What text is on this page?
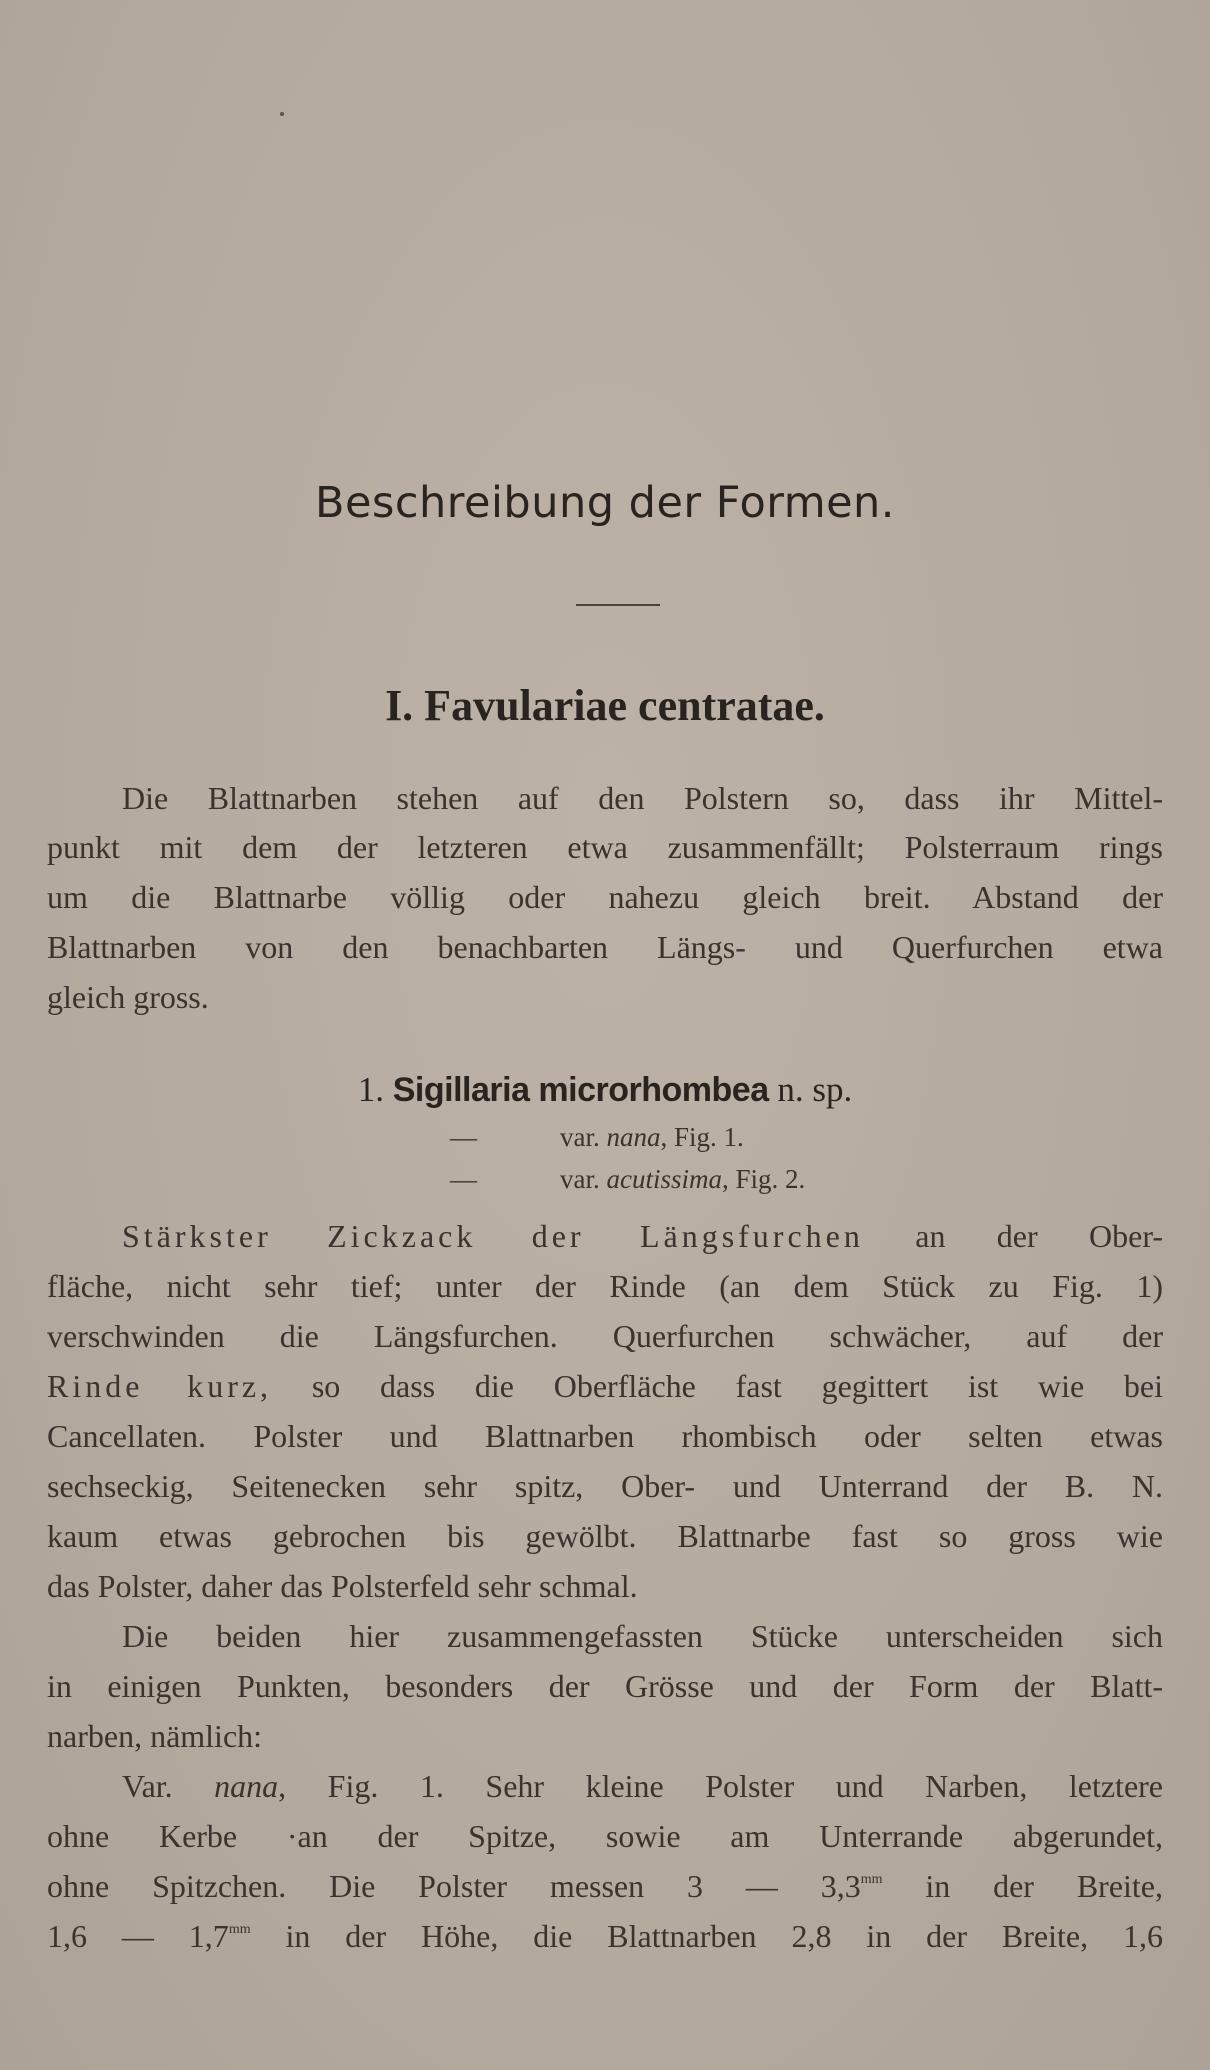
Beschreibung der Formen.
I. Favulariae centratae.
Die Blattnarben stehen auf den Polstern so, dass ihr Mittel-
punkt mit dem der letzteren etwa zusammenfällt; Polsterraum rings
um die Blattnarbe völlig oder nahezu gleich breit. Abstand der
Blattnarben von den benachbarten Längs- und Querfurchen etwa
gleich gross.
1. Sigillaria microrhombea n. sp.
—	var. nana, Fig. 1.
—	var. acutissima, Fig. 2.
Stärkster Zickzack der Längsfurchen an der Ober-
fläche, nicht sehr tief; unter der Rinde (an dem Stück zu Fig. 1)
verschwinden die Längsfurchen. Querfurchen schwächer, auf der
Rinde kurz, so dass die Oberfläche fast gegittert ist wie bei
Cancellaten. Polster und Blattnarben rhombisch oder selten etwas
sechseckig, Seitenecken sehr spitz, Ober- und Unterrand der B. N.
kaum etwas gebrochen bis gewölbt. Blattnarbe fast so gross wie
das Polster, daher das Polsterfeld sehr schmal.
Die beiden hier zusammengefassten Stücke unterscheiden sich
in einigen Punkten, besonders der Grösse und der Form der Blatt-
narben, nämlich:
Var. nana, Fig. 1. Sehr kleine Polster und Narben, letztere
ohne Kerbe ·an der Spitze, sowie am Unterrande abgerundet,
ohne Spitzchen. Die Polster messen 3 — $3,3^{mm}$ in der Breite,
1,6 — $1,7^{mm}$ in der Höhe, die Blattnarben 2,8 in der Breite, 1,6
